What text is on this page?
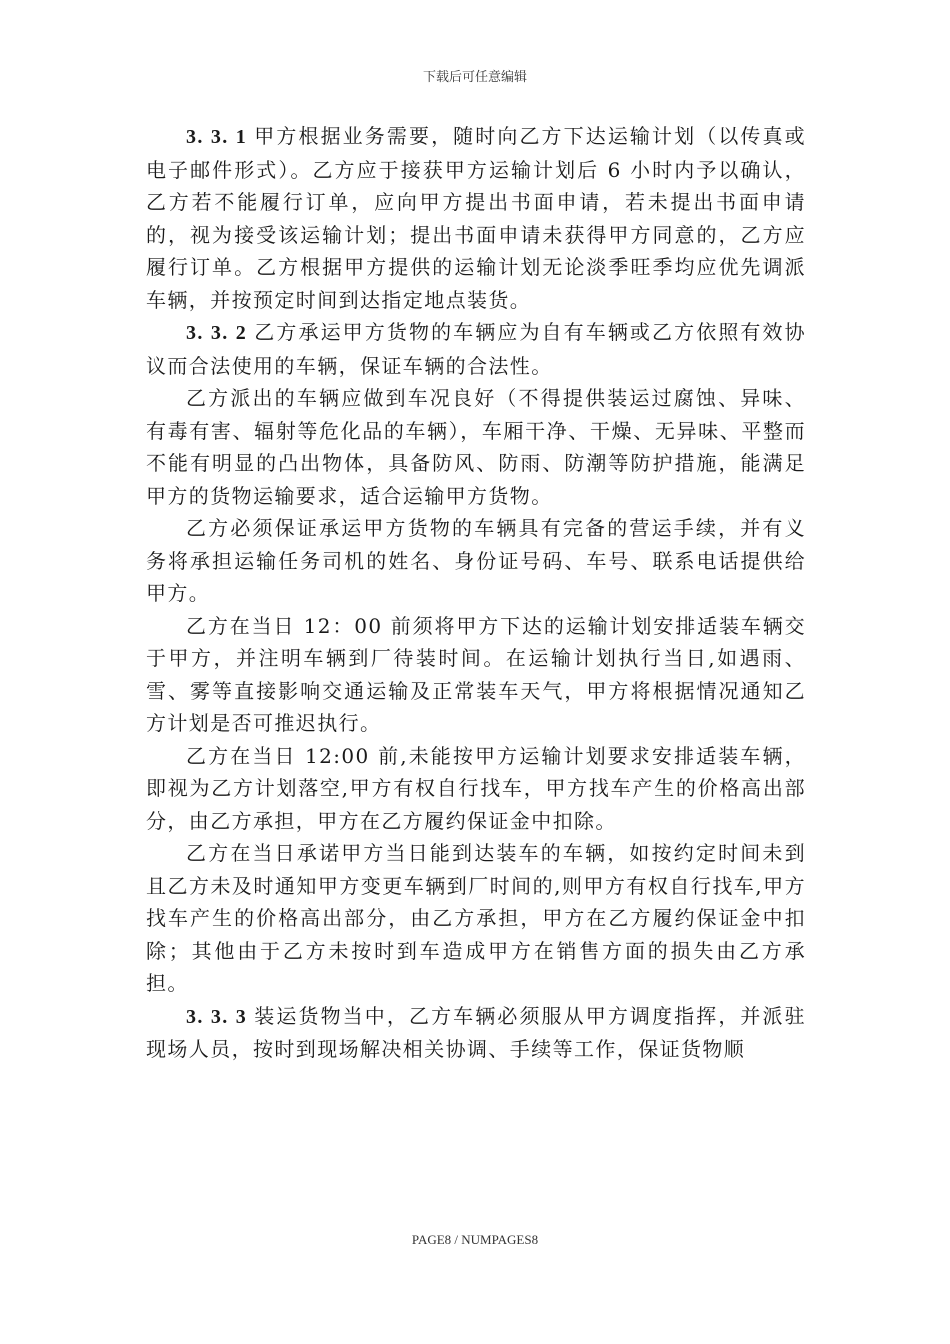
下载后可任意编辑

3. 3. 1 甲方根据业务需要，随时向乙方下达运输计划（以传真或电子邮件形式）。乙方应于接获甲方运输计划后 6 小时内予以确认，乙方若不能履行订单，应向甲方提出书面申请，若未提出书面申请的，视为接受该运输计划；提出书面申请未获得甲方同意的，乙方应履行订单。乙方根据甲方提供的运输计划无论淡季旺季均应优先调派车辆，并按预定时间到达指定地点装货。

3. 3. 2 乙方承运甲方货物的车辆应为自有车辆或乙方依照有效协议而合法使用的车辆，保证车辆的合法性。

乙方派出的车辆应做到车况良好（不得提供装运过腐蚀、异味、有毒有害、辐射等危化品的车辆），车厢干净、干燥、无异味、平整而不能有明显的凸出物体，具备防风、防雨、防潮等防护措施，能满足甲方的货物运输要求，适合运输甲方货物。

乙方必须保证承运甲方货物的车辆具有完备的营运手续，并有义务将承担运输任务司机的姓名、身份证号码、车号、联系电话提供给甲方。

乙方在当日 12：00 前须将甲方下达的运输计划安排适装车辆交于甲方，并注明车辆到厂待装时间。在运输计划执行当日,如遇雨、雪、雾等直接影响交通运输及正常装车天气，甲方将根据情况通知乙方计划是否可推迟执行。

乙方在当日 12:00 前,未能按甲方运输计划要求安排适装车辆，即视为乙方计划落空,甲方有权自行找车，甲方找车产生的价格高出部分，由乙方承担，甲方在乙方履约保证金中扣除。

乙方在当日承诺甲方当日能到达装车的车辆，如按约定时间未到且乙方未及时通知甲方变更车辆到厂时间的,则甲方有权自行找车,甲方找车产生的价格高出部分，由乙方承担，甲方在乙方履约保证金中扣除；其他由于乙方未按时到车造成甲方在销售方面的损失由乙方承担。

3. 3. 3 装运货物当中，乙方车辆必须服从甲方调度指挥，并派驻现场人员，按时到现场解决相关协调、手续等工作，保证货物顺

PAGE8 / NUMPAGES8
